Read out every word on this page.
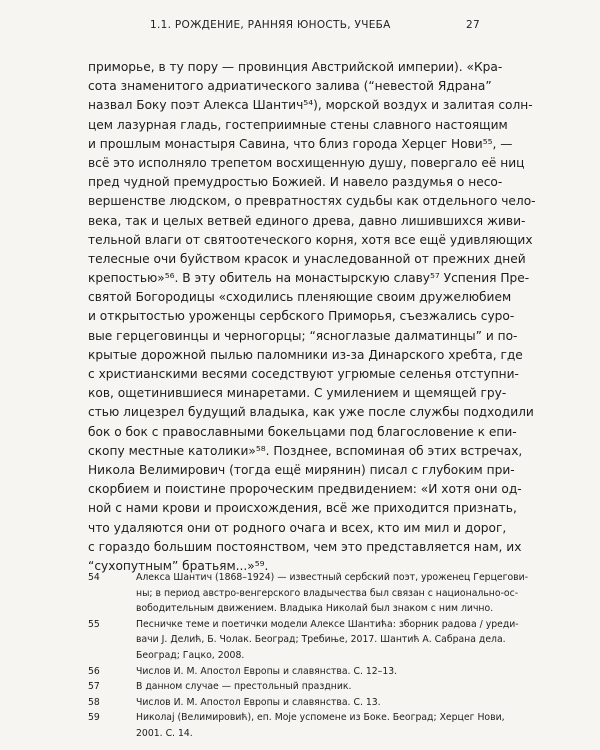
1.1. РОЖДЕНИЕ, РАННЯЯ ЮНОСТЬ, УЧЕБА	27
приморье, в ту пору — провинция Австрийской империи). «Кра-
сота знаменитого адриатического залива (“невестой Ядрана”
назвал Боку поэт Алекса Шантич⁵⁴), морской воздух и залитая солн-
цем лазурная гладь, гостеприимные стены славного настоящим
и прошлым монастыря Савина, что близ города Херцег Нови⁵⁵, —
всё это исполняло трепетом восхищенную душу, повергало её ниц
пред чудной премудростью Божией. И навело раздумья о несо-
вершенстве людском, о превратностях судьбы как отдельного чело-
века, так и целых ветвей единого древа, давно лишившихся живи-
тельной влаги от святоотеческого корня, хотя все ещё удивляющих
телесные очи буйством красок и унаследованной от прежних дней
крепостью»⁵⁶. В эту обитель на монастырскую славу⁵⁷ Успения Пре-
святой Богородицы «сходились пленяющие своим дружелюбием
и открытостью уроженцы сербского Приморья, съезжались суро-
вые герцеговинцы и черногорцы; “ясноглазые далматинцы” и по-
крытые дорожной пылью паломники из-за Динарского хребта, где
с христианскими весями соседствуют угрюмые селенья отступни-
ков, ощетинившиеся минаретами. С умилением и щемящей гру-
стью лицезрел будущий владыка, как уже после службы подходили
бок о бок с православными бокельцами под благословение к епи-
скопу местные католики»⁵⁸. Позднее, вспоминая об этих встречах,
Никола Велимирович (тогда ещё мирянин) писал с глубоким при-
скорбием и поистине пророческим предвидением: «И хотя они од-
ной с нами крови и происхождения, всё же приходится признать,
что удаляются они от родного очага и всех, кто им мил и дорог,
с гораздо большим постоянством, чем это представляется нам, их
“сухопутным” братьям...»⁵⁹.
54	Алекса Шантич (1868–1924) — известный сербский поэт, уроженец Герцегови-
ны; в период австро-венгерского владычества был связан с национально-ос-
вободительным движением. Владыка Николай был знаком с ним лично.
55	Песничке теме и поетички модели Алексе Шантића: зборник радова / уреди-
вачи J. Делић, Б. Чолак. Београд; Требиње, 2017. Шантић А. Сабрана дела.
Београд; Гацко, 2008.
56	Числов И. М. Апостол Европы и славянства. С. 12–13.
57	В данном случае — престольный праздник.
58	Числов И. М. Апостол Европы и славянства. С. 13.
59	Николај (Велимировић), еп. Моје успомене из Боке. Београд; Херцег Нови,
2001. С. 14.
